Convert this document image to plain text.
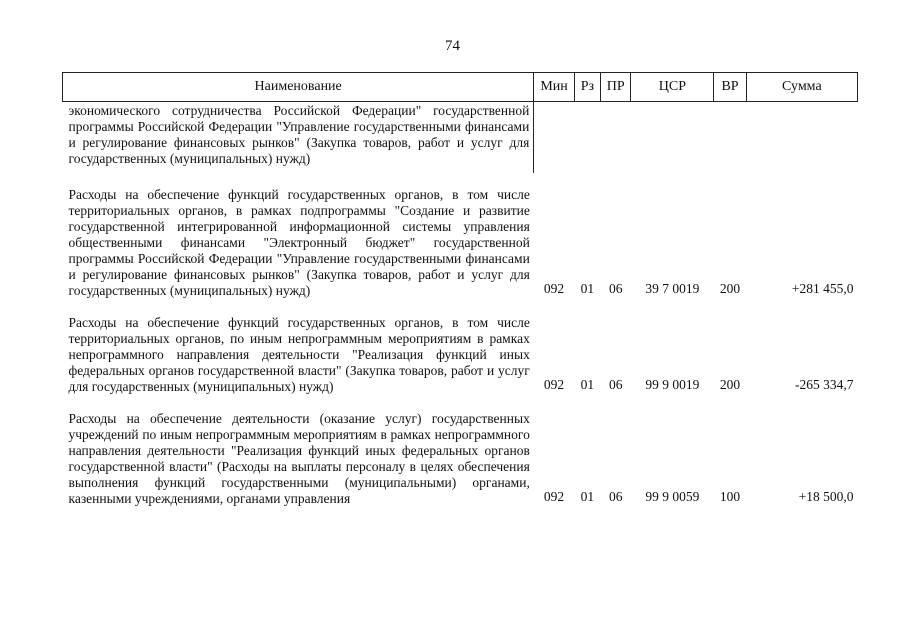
74
Наименование	Мин	Рз	ПР	ЦСР	ВР	Сумма
экономического сотрудничества Российской Федерации" государственной программы Российской Федерации "Управление государственными финансами и регулирование финансовых рынков" (Закупка товаров, работ и услуг для государственных (муниципальных) нужд)						
Расходы на обеспечение функций государственных органов, в том числе территориальных органов, в рамках подпрограммы "Создание и развитие государственной интегрированной информационной системы управления общественными финансами "Электронный бюджет" государственной программы Российской Федерации "Управление государственными финансами и регулирование финансовых рынков" (Закупка товаров, работ и услуг для государственных (муниципальных) нужд)	092	01	06	39 7 0019	200	+281 455,0
Расходы на обеспечение функций государственных органов, в том числе территориальных органов, по иным непрограммным мероприятиям в рамках непрограммного направления деятельности "Реализация функций иных федеральных органов государственной власти" (Закупка товаров, работ и услуг для государственных (муниципальных) нужд)	092	01	06	99 9 0019	200	-265 334,7
Расходы на обеспечение деятельности (оказание услуг) государственных учреждений по иным непрограммным мероприятиям в рамках непрограммного направления деятельности "Реализация функций иных федеральных органов государственной власти" (Расходы на выплаты персоналу в целях обеспечения выполнения функций государственными (муниципальными) органами, казенными учреждениями, органами управления	092	01	06	99 9 0059	100	+18 500,0
